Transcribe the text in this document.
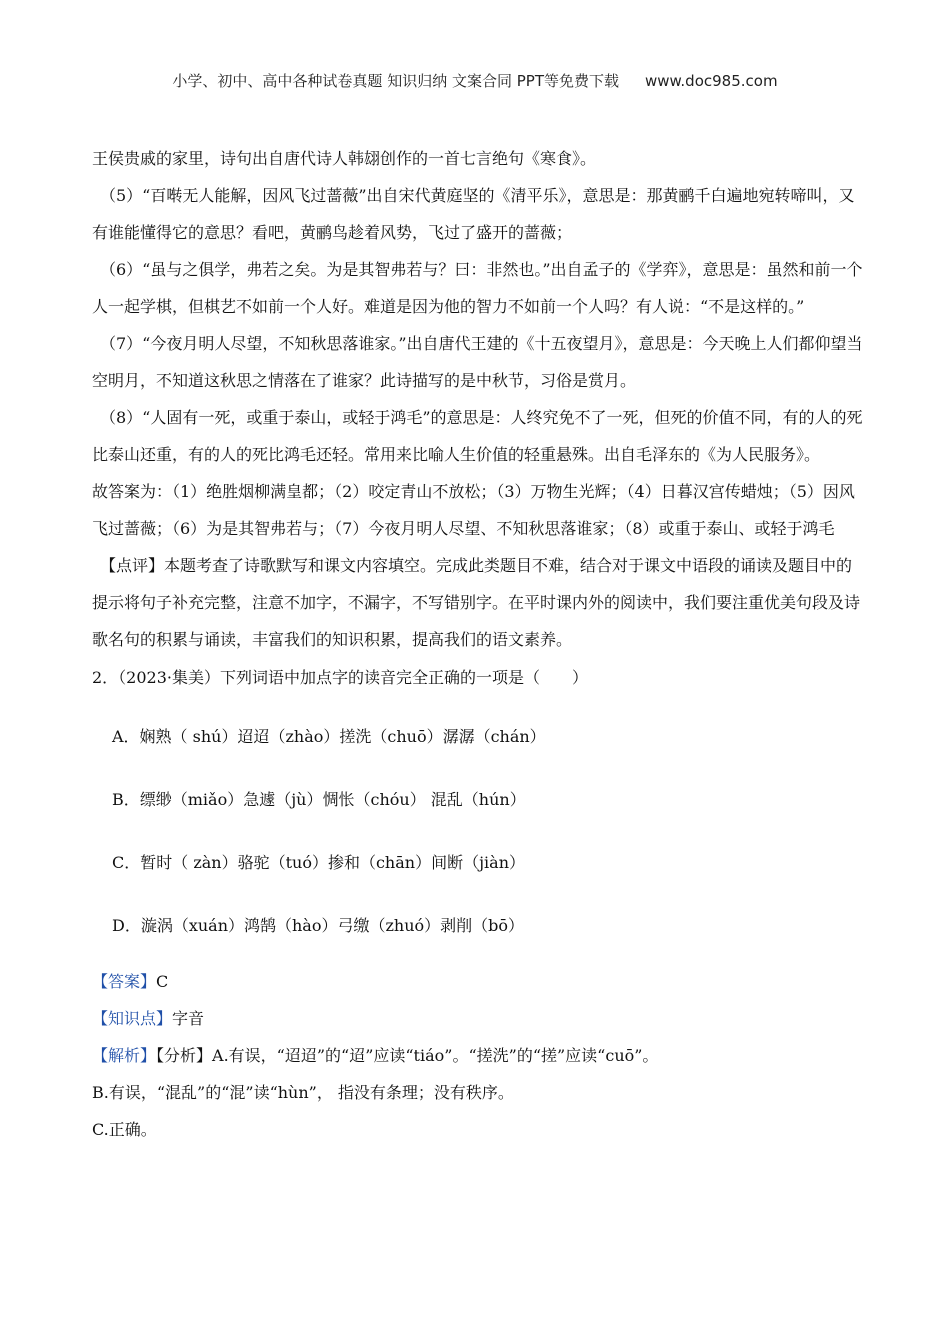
小学、初中、高中各种试卷真题 知识归纳 文案合同 PPT等免费下载 www.doc985.com

王侯贵戚的家里，诗句出自唐代诗人韩翃创作的一首七言绝句《寒食》。

（5）“百啭无人能解，因风飞过蔷薇”出自宋代黄庭坚的《清平乐》，意思是：那黄鹂千白遍地宛转啼叫，又有谁能懂得它的意思？看吧，黄鹂鸟趁着风势，飞过了盛开的蔷薇；

（6）“虽与之俱学，弗若之矣。为是其智弗若与？曰：非然也。”出自孟子的《学弈》，意思是：虽然和前一个人一起学棋，但棋艺不如前一个人好。难道是因为他的智力不如前一个人吗？有人说：“不是这样的。”

（7）“今夜月明人尽望，不知秋思落谁家。”出自唐代王建的《十五夜望月》，意思是：今天晚上人们都仰望当空明月，不知道这秋思之情落在了谁家？此诗描写的是中秋节，习俗是赏月。

（8）“人固有一死，或重于泰山，或轻于鸿毛”的意思是：人终究免不了一死，但死的价值不同，有的人的死比泰山还重，有的人的死比鸿毛还轻。常用来比喻人生价值的轻重悬殊。出自毛泽东的《为人民服务》。

故答案为：（1）绝胜烟柳满皇都；（2）咬定青山不放松；（3）万物生光辉；（4）日暮汉宫传蜡烛；（5）因风飞过蔷薇；（6）为是其智弗若与；（7）今夜月明人尽望、不知秋思落谁家；（8）或重于泰山、或轻于鸿毛

【点评】本题考查了诗歌默写和课文内容填空。完成此类题目不难，结合对于课文中语段的诵读及题目中的提示将句子补充完整，注意不加字，不漏字，不写错别字。在平时课内外的阅读中，我们要注重优美句段及诗歌名句的积累与诵读，丰富我们的知识积累，提高我们的语文素养。

2．（2023·集美）下列词语中加点字的读音完全正确的一项是（　　）

A．娴熟（ shú）迢迢（zhào）搓洗（chuō）潺潺（chán）

B．缥缈（miǎo）急遽（jù）惆怅（chóu） 混乱（hún）

C．暂时（ zàn）骆驼（tuó）掺和（chān）间断（jiàn）

D．漩涡（xuán）鸿鹄（hào）弓缴（zhuó）剥削（bō）

【答案】C

【知识点】字音

【解析】【分析】A.有误，“迢迢”的“迢”应读“tiáo”。“搓洗”的“搓”应读“cuō”。

B.有误，“混乱”的“混”读“hùn”， 指没有条理；没有秩序。

C.正确。
